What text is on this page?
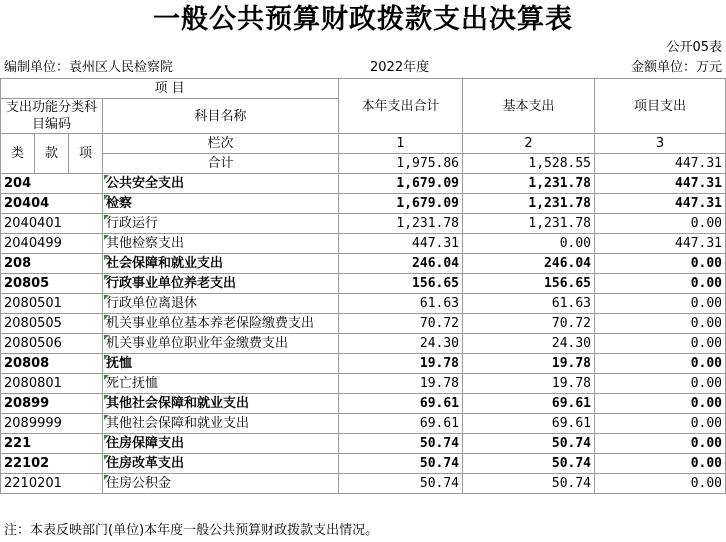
一般公共预算财政拨款支出决算表
公开05表
编制单位：袁州区人民检察院	2022年度	金额单位：万元
项 目				本年支出合计	基本支出	项目支出
支出功能分类科目编码			科目名称			

类	款	项	栏次	1	2	3
			合计	1,975.86	1,528.55	447.31
204			公共安全支出	1,679.09	1,231.78	447.31
20404			检察	1,679.09	1,231.78	447.31
2040401			行政运行	1,231.78	1,231.78	0.00
2040499			其他检察支出	447.31	0.00	447.31
208			社会保障和就业支出	246.04	246.04	0.00
20805			行政事业单位养老支出	156.65	156.65	0.00
2080501			行政单位离退休	61.63	61.63	0.00
2080505			机关事业单位基本养老保险缴费支出	70.72	70.72	0.00
2080506			机关事业单位职业年金缴费支出	24.30	24.30	0.00
20808			抚恤	19.78	19.78	0.00
2080801			死亡抚恤	19.78	19.78	0.00
20899			其他社会保障和就业支出	69.61	69.61	0.00
2089999			其他社会保障和就业支出	69.61	69.61	0.00
221			住房保障支出	50.74	50.74	0.00
22102			住房改革支出	50.74	50.74	0.00
2210201			住房公积金	50.74	50.74	0.00
注：本表反映部门(单位)本年度一般公共预算财政拨款支出情况。
